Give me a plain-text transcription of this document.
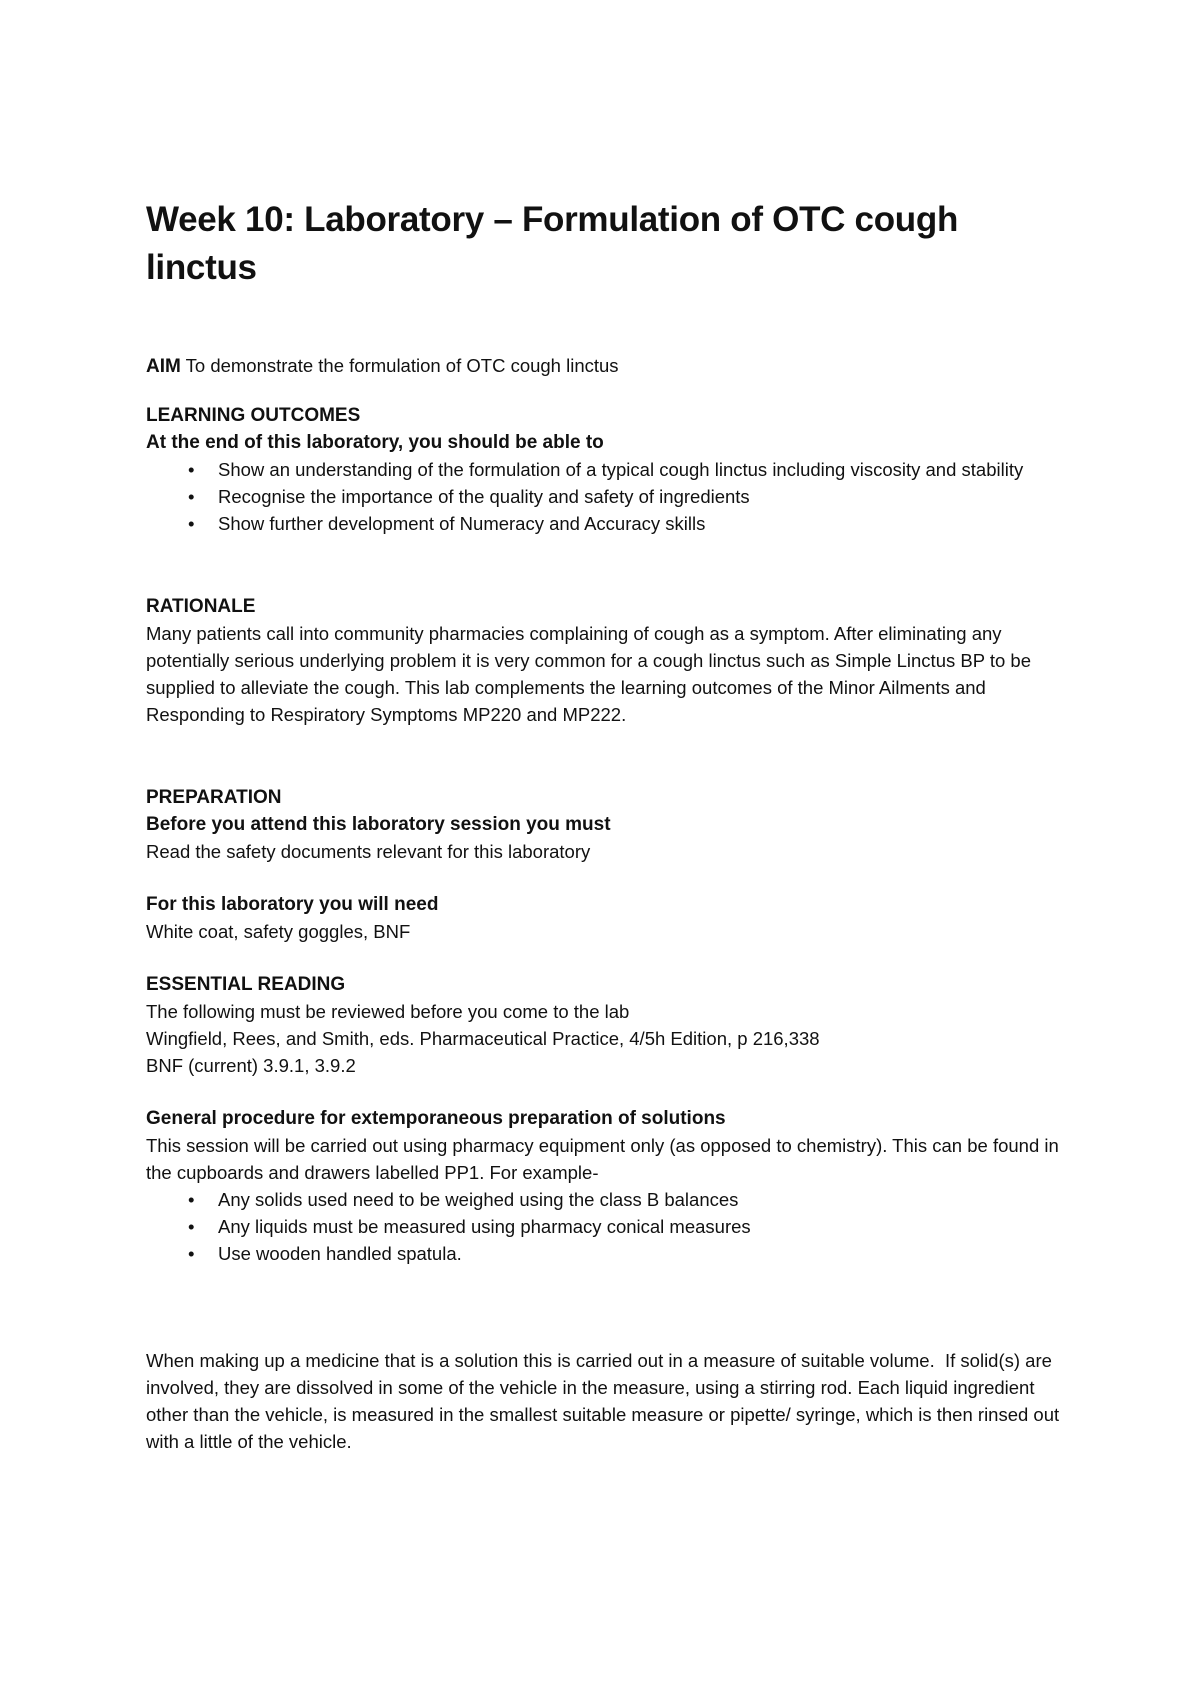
Week 10: Laboratory – Formulation of OTC cough linctus
AIM To demonstrate the formulation of OTC cough linctus

LEARNING OUTCOMES

At the end of this laboratory, you should be able to

• Show an understanding of the formulation of a typical cough linctus including viscosity and stability
• Recognise the importance of the quality and safety of ingredients
• Show further development of Numeracy and Accuracy skills

RATIONALE

Many patients call into community pharmacies complaining of cough as a symptom. After eliminating any potentially serious underlying problem it is very common for a cough linctus such as Simple Linctus BP to be supplied to alleviate the cough. This lab complements the learning outcomes of the Minor Ailments and Responding to Respiratory Symptoms MP220 and MP222.

PREPARATION

Before you attend this laboratory session you must

Read the safety documents relevant for this laboratory

For this laboratory you will need

White coat, safety goggles, BNF

ESSENTIAL READING

The following must be reviewed before you come to the lab

Wingfield, Rees, and Smith, eds. Pharmaceutical Practice, 4/5h Edition, p 216,338

BNF (current) 3.9.1, 3.9.2

General procedure for extemporaneous preparation of solutions

This session will be carried out using pharmacy equipment only (as opposed to chemistry). This can be found in the cupboards and drawers labelled PP1. For example-

• Any solids used need to be weighed using the class B balances
• Any liquids must be measured using pharmacy conical measures
• Use wooden handled spatula.

When making up a medicine that is a solution this is carried out in a measure of suitable volume. If solid(s) are involved, they are dissolved in some of the vehicle in the measure, using a stirring rod. Each liquid ingredient other than the vehicle, is measured in the smallest suitable measure or pipette/ syringe, which is then rinsed out with a little of the vehicle.
